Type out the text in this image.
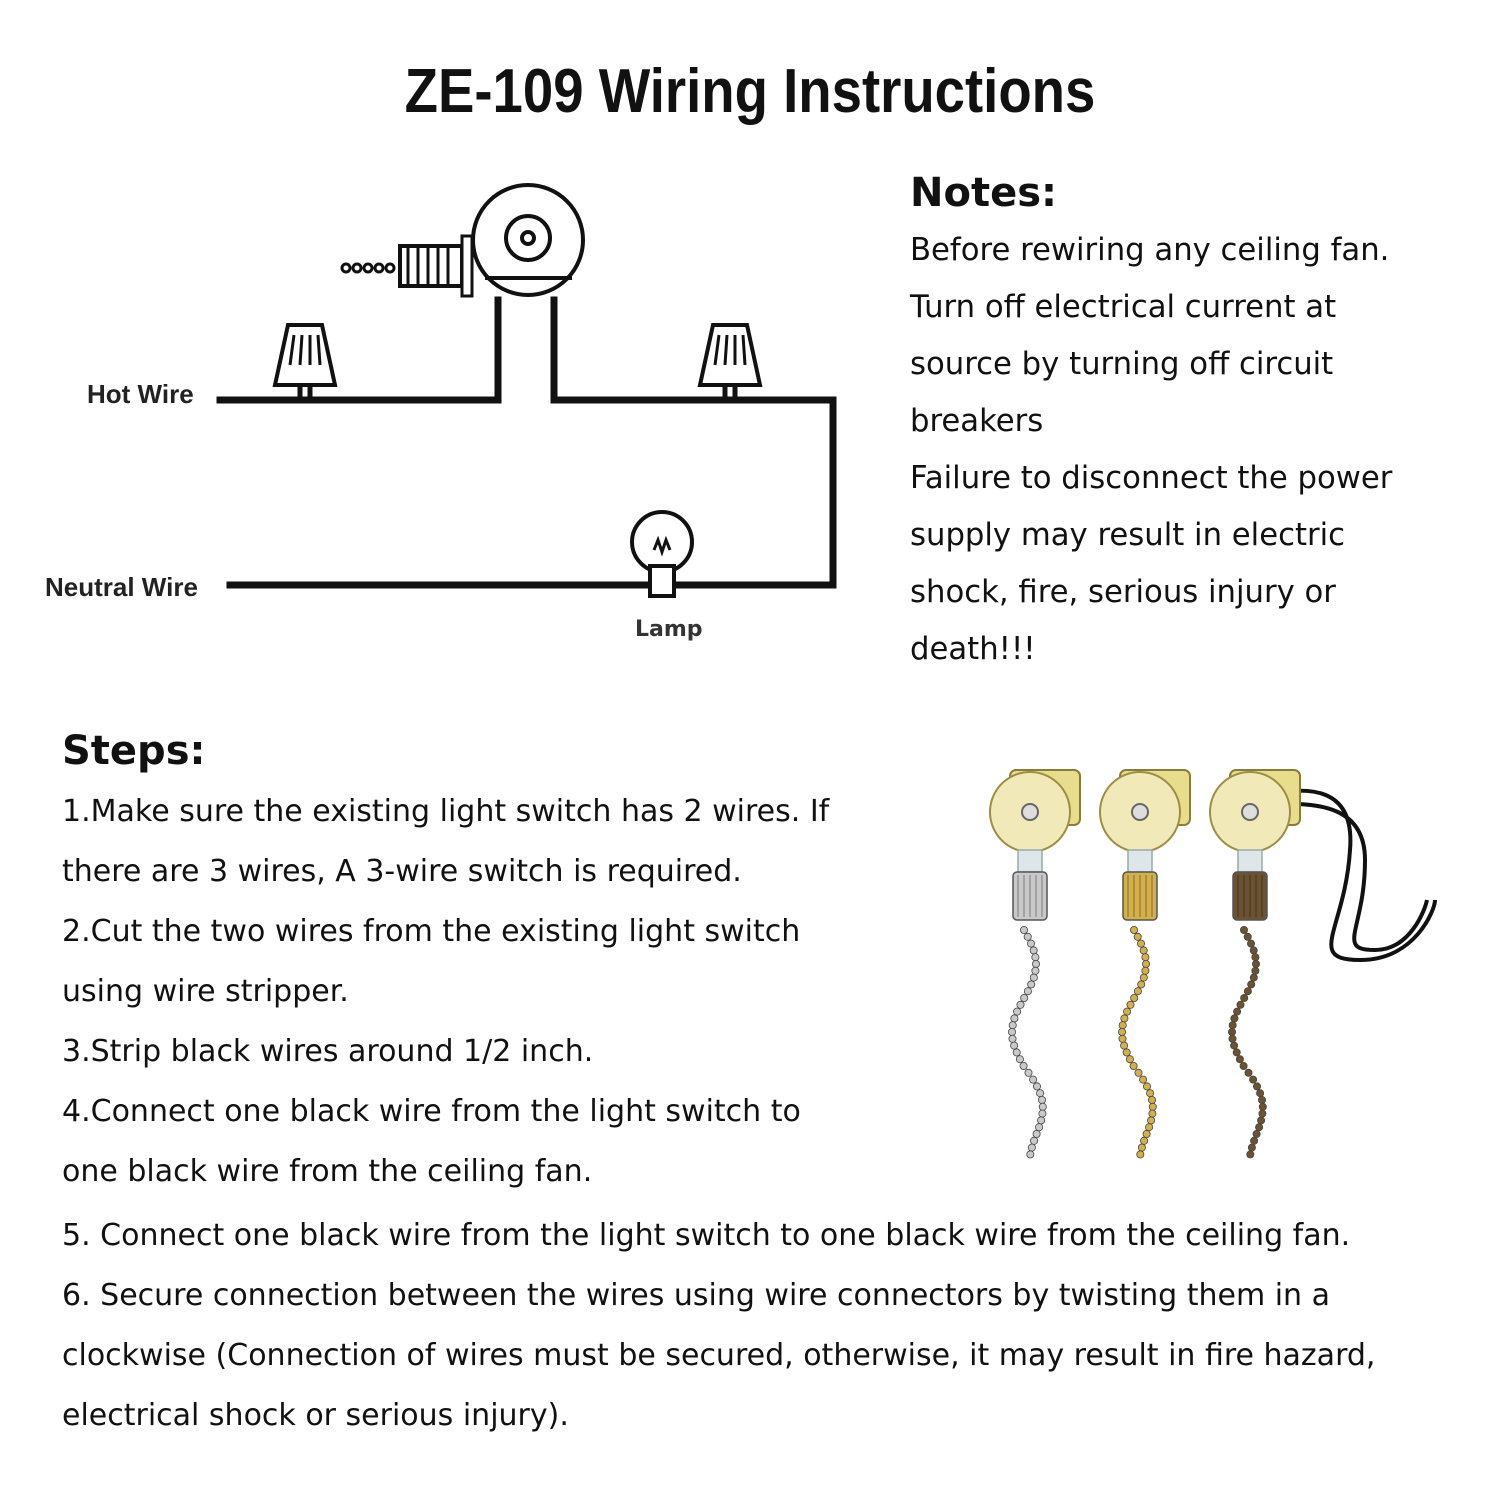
ZE-109 Wiring Instructions
Hot Wire
Neutral Wire
Lamp
Notes:
Before rewiring any ceiling fan.
Turn off electrical current at
source by turning off circuit
breakers
Failure to disconnect the power
supply may result in electric
shock, fire, serious injury or
death!!!
Steps:
1.Make sure the existing light switch has 2 wires. If
there are 3 wires, A 3-wire switch is required.
2.Cut the two wires from the existing light switch
using wire stripper.
3.Strip black wires around 1/2 inch.
4.Connect one black wire from the light switch to
one black wire from the ceiling fan.
5. Connect one black wire from the light switch to one black wire from the ceiling fan.
6. Secure connection between the wires using wire connectors by twisting them in a
clockwise (Connection of wires must be secured, otherwise, it may result in fire hazard,
electrical shock or serious injury).
